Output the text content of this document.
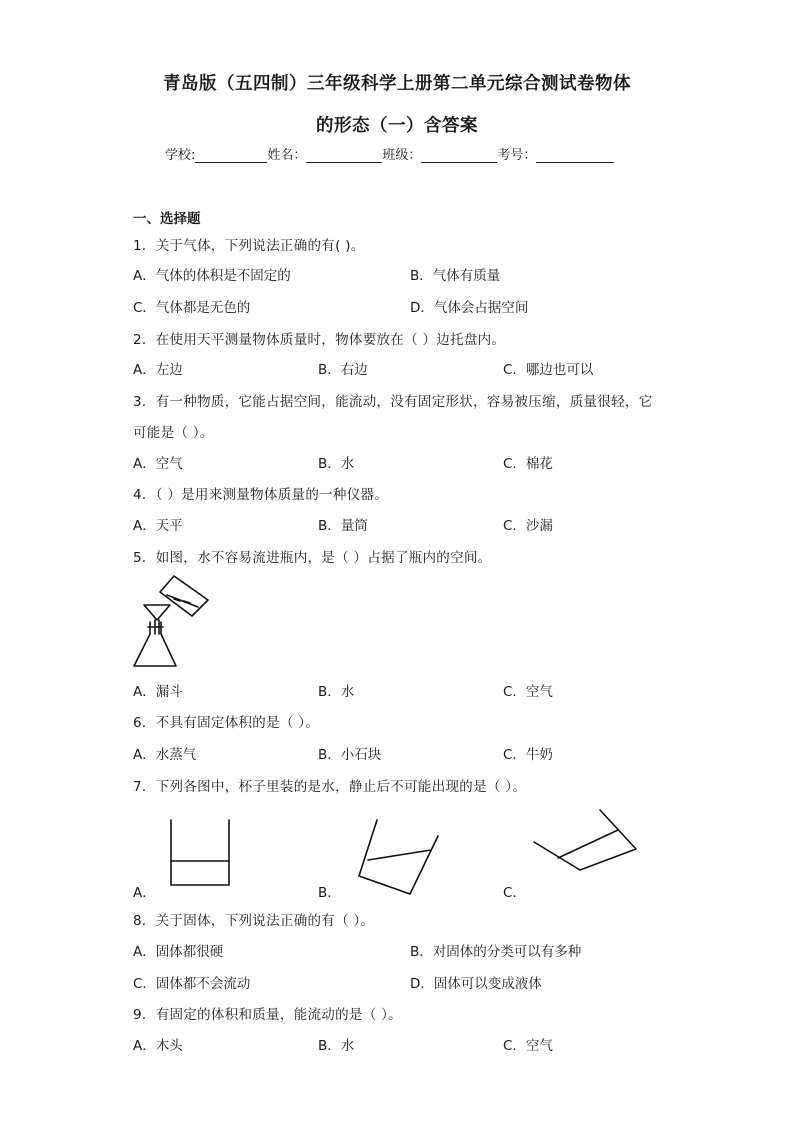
青岛版（五四制）三年级科学上册第二单元综合测试卷物体
的形态（一）含答案
学校:	姓名：	班级：	考号：
一、选择题
1．关于气体，下列说法正确的有( )。
A．气体的体积是不固定的	B．气体有质量
C．气体都是无色的	D．气体会占据空间
2．在使用天平测量物体质量时，物体要放在（ ）边托盘内。
A．左边	B．右边	C．哪边也可以
3．有一种物质，它能占据空间，能流动，没有固定形状，容易被压缩，质量很轻，它
可能是（ ）。
A．空气	B．水	C．棉花
4．（ ）是用来测量物体质量的一种仪器。
A．天平	B．量筒	C．沙漏
5．如图，水不容易流进瓶内，是（ ）占据了瓶内的空间。
A．漏斗	B．水	C．空气
6．不具有固定体积的是（ ）。
A．水蒸气	B．小石块	C．牛奶
7．下列各图中，杯子里装的是水，静止后不可能出现的是（ ）。
A．	B．	C．
8．关于固体，下列说法正确的有（ ）。
A．固体都很硬	B．对固体的分类可以有多种
C．固体都不会流动	D．固体可以变成液体
9．有固定的体积和质量，能流动的是（ ）。
A．木头	B．水	C．空气
